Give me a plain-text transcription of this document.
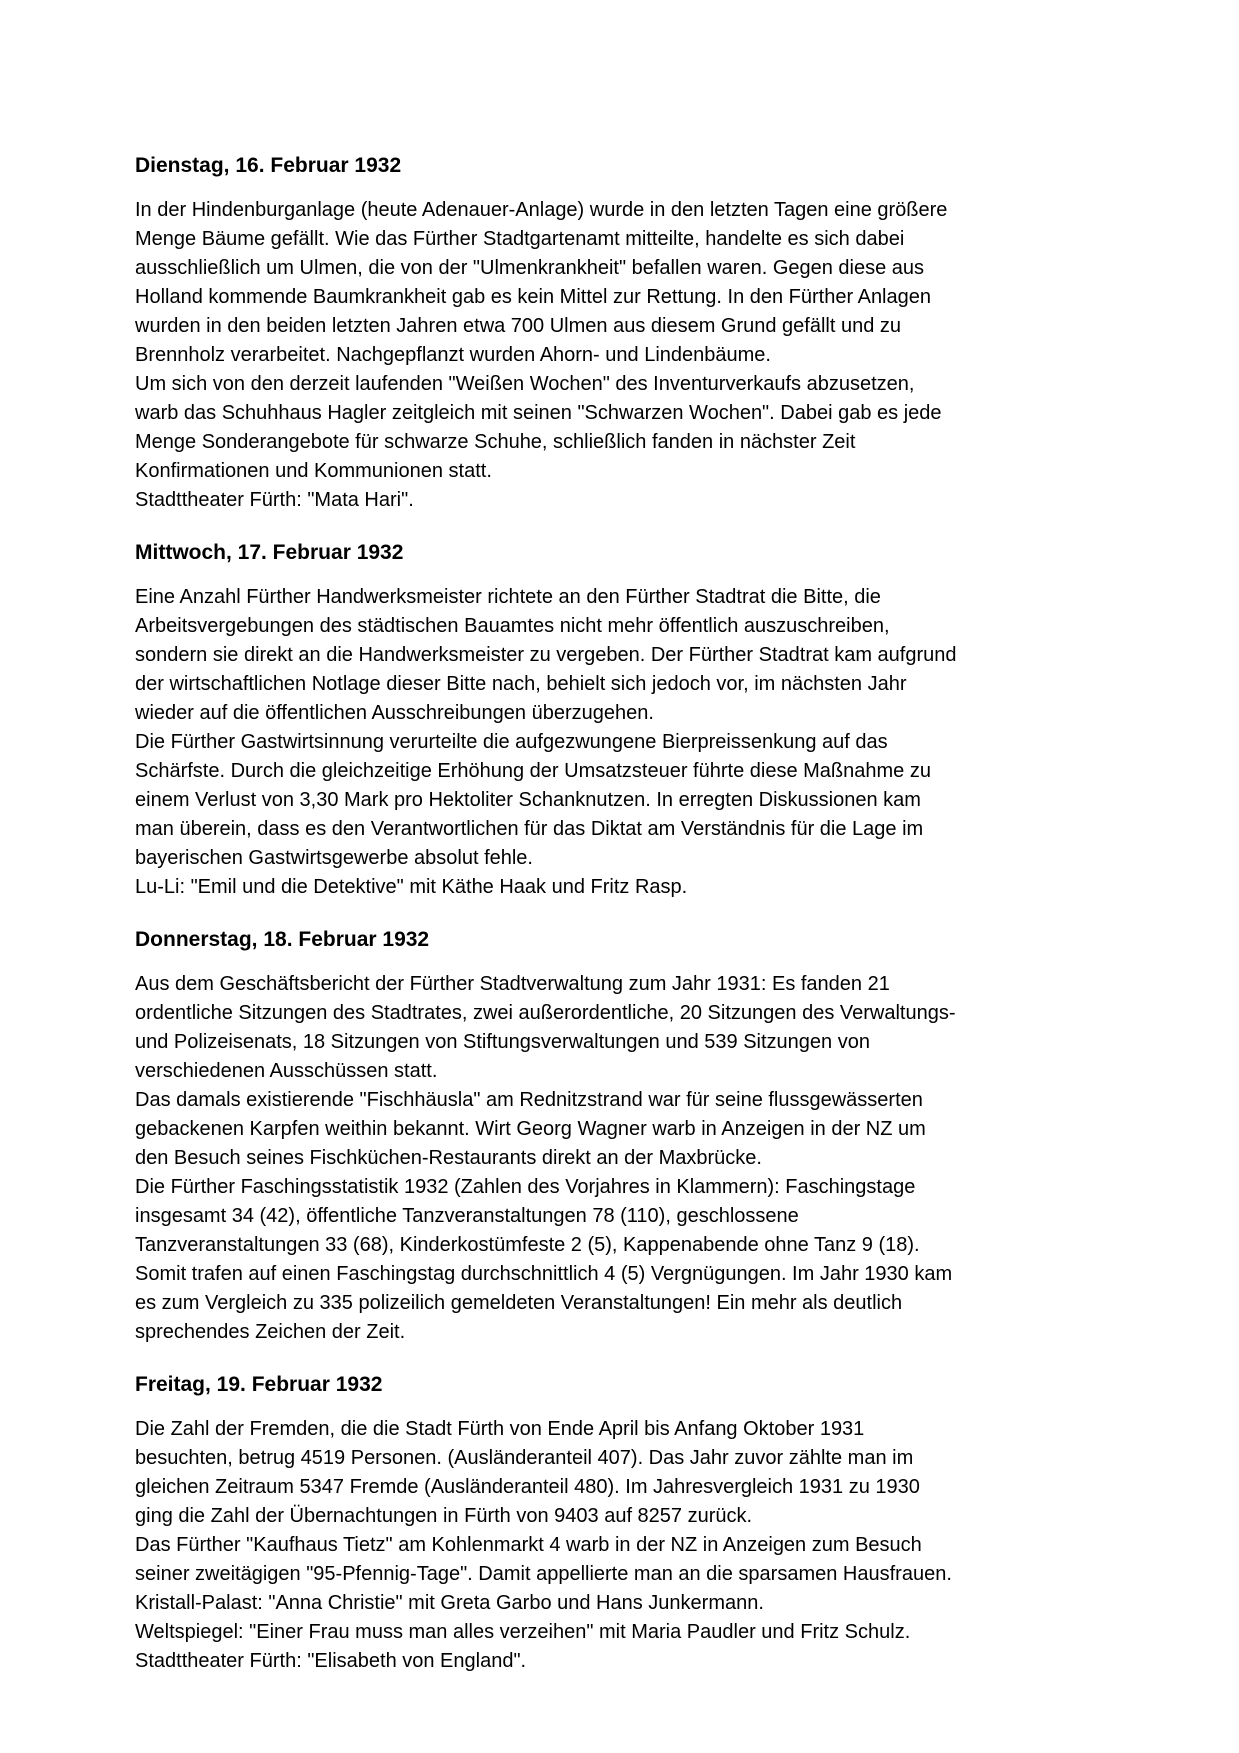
Dienstag, 16. Februar 1932
In der Hindenburganlage (heute Adenauer-Anlage) wurde in den letzten Tagen eine größere
Menge Bäume gefällt. Wie das Fürther Stadtgartenamt mitteilte, handelte es sich dabei
ausschließlich um Ulmen, die von der "Ulmenkrankheit" befallen waren. Gegen diese aus
Holland kommende Baumkrankheit gab es kein Mittel zur Rettung. In den Fürther Anlagen
wurden in den beiden letzten Jahren etwa 700 Ulmen aus diesem Grund gefällt und zu
Brennholz verarbeitet. Nachgepflanzt wurden Ahorn- und Lindenbäume.
Um sich von den derzeit laufenden "Weißen Wochen" des Inventurverkaufs abzusetzen,
warb das Schuhhaus Hagler zeitgleich mit seinen "Schwarzen Wochen". Dabei gab es jede
Menge Sonderangebote für schwarze Schuhe, schließlich fanden in nächster Zeit
Konfirmationen und Kommunionen statt.
Stadttheater Fürth: "Mata Hari".
Mittwoch, 17. Februar 1932
Eine Anzahl Fürther Handwerksmeister richtete an den Fürther Stadtrat die Bitte, die
Arbeitsvergebungen des städtischen Bauamtes nicht mehr öffentlich auszuschreiben,
sondern sie direkt an die Handwerksmeister zu vergeben. Der Fürther Stadtrat kam aufgrund
der wirtschaftlichen Notlage dieser Bitte nach, behielt sich jedoch vor, im nächsten Jahr
wieder auf die öffentlichen Ausschreibungen überzugehen.
Die Fürther Gastwirtsinnung verurteilte die aufgezwungene Bierpreissenkung auf das
Schärfste. Durch die gleichzeitige Erhöhung der Umsatzsteuer führte diese Maßnahme zu
einem Verlust von 3,30 Mark pro Hektoliter Schanknutzen. In erregten Diskussionen kam
man überein, dass es den Verantwortlichen für das Diktat am Verständnis für die Lage im
bayerischen Gastwirtsgewerbe absolut fehle.
Lu-Li: "Emil und die Detektive" mit Käthe Haak und Fritz Rasp.
Donnerstag, 18. Februar 1932
Aus dem Geschäftsbericht der Fürther Stadtverwaltung zum Jahr 1931: Es fanden 21
ordentliche Sitzungen des Stadtrates, zwei außerordentliche, 20 Sitzungen des Verwaltungs-
und Polizeisenats, 18 Sitzungen von Stiftungsverwaltungen und 539 Sitzungen von
verschiedenen Ausschüssen statt.
Das damals existierende "Fischhäusla" am Rednitzstrand war für seine flussgewässerten
gebackenen Karpfen weithin bekannt. Wirt Georg Wagner warb in Anzeigen in der NZ um
den Besuch seines Fischküchen-Restaurants direkt an der Maxbrücke.
Die Fürther Faschingsstatistik 1932 (Zahlen des Vorjahres in Klammern): Faschingstage
insgesamt 34 (42), öffentliche Tanzveranstaltungen 78 (110), geschlossene
Tanzveranstaltungen 33 (68), Kinderkostümfeste 2 (5), Kappenabende ohne Tanz 9 (18).
Somit trafen auf einen Faschingstag durchschnittlich 4 (5) Vergnügungen. Im Jahr 1930 kam
es zum Vergleich zu 335 polizeilich gemeldeten Veranstaltungen! Ein mehr als deutlich
sprechendes Zeichen der Zeit.
Freitag, 19. Februar 1932
Die Zahl der Fremden, die die Stadt Fürth von Ende April bis Anfang Oktober 1931
besuchten, betrug 4519 Personen. (Ausländeranteil 407). Das Jahr zuvor zählte man im
gleichen Zeitraum 5347 Fremde (Ausländeranteil 480). Im Jahresvergleich 1931 zu 1930
ging die Zahl der Übernachtungen in Fürth von 9403 auf 8257 zurück.
Das Fürther "Kaufhaus Tietz" am Kohlenmarkt 4 warb in der NZ in Anzeigen zum Besuch
seiner zweitägigen "95-Pfennig-Tage". Damit appellierte man an die sparsamen Hausfrauen.
Kristall-Palast: "Anna Christie" mit Greta Garbo und Hans Junkermann.
Weltspiegel: "Einer Frau muss man alles verzeihen" mit Maria Paudler und Fritz Schulz.
Stadttheater Fürth: "Elisabeth von England".
